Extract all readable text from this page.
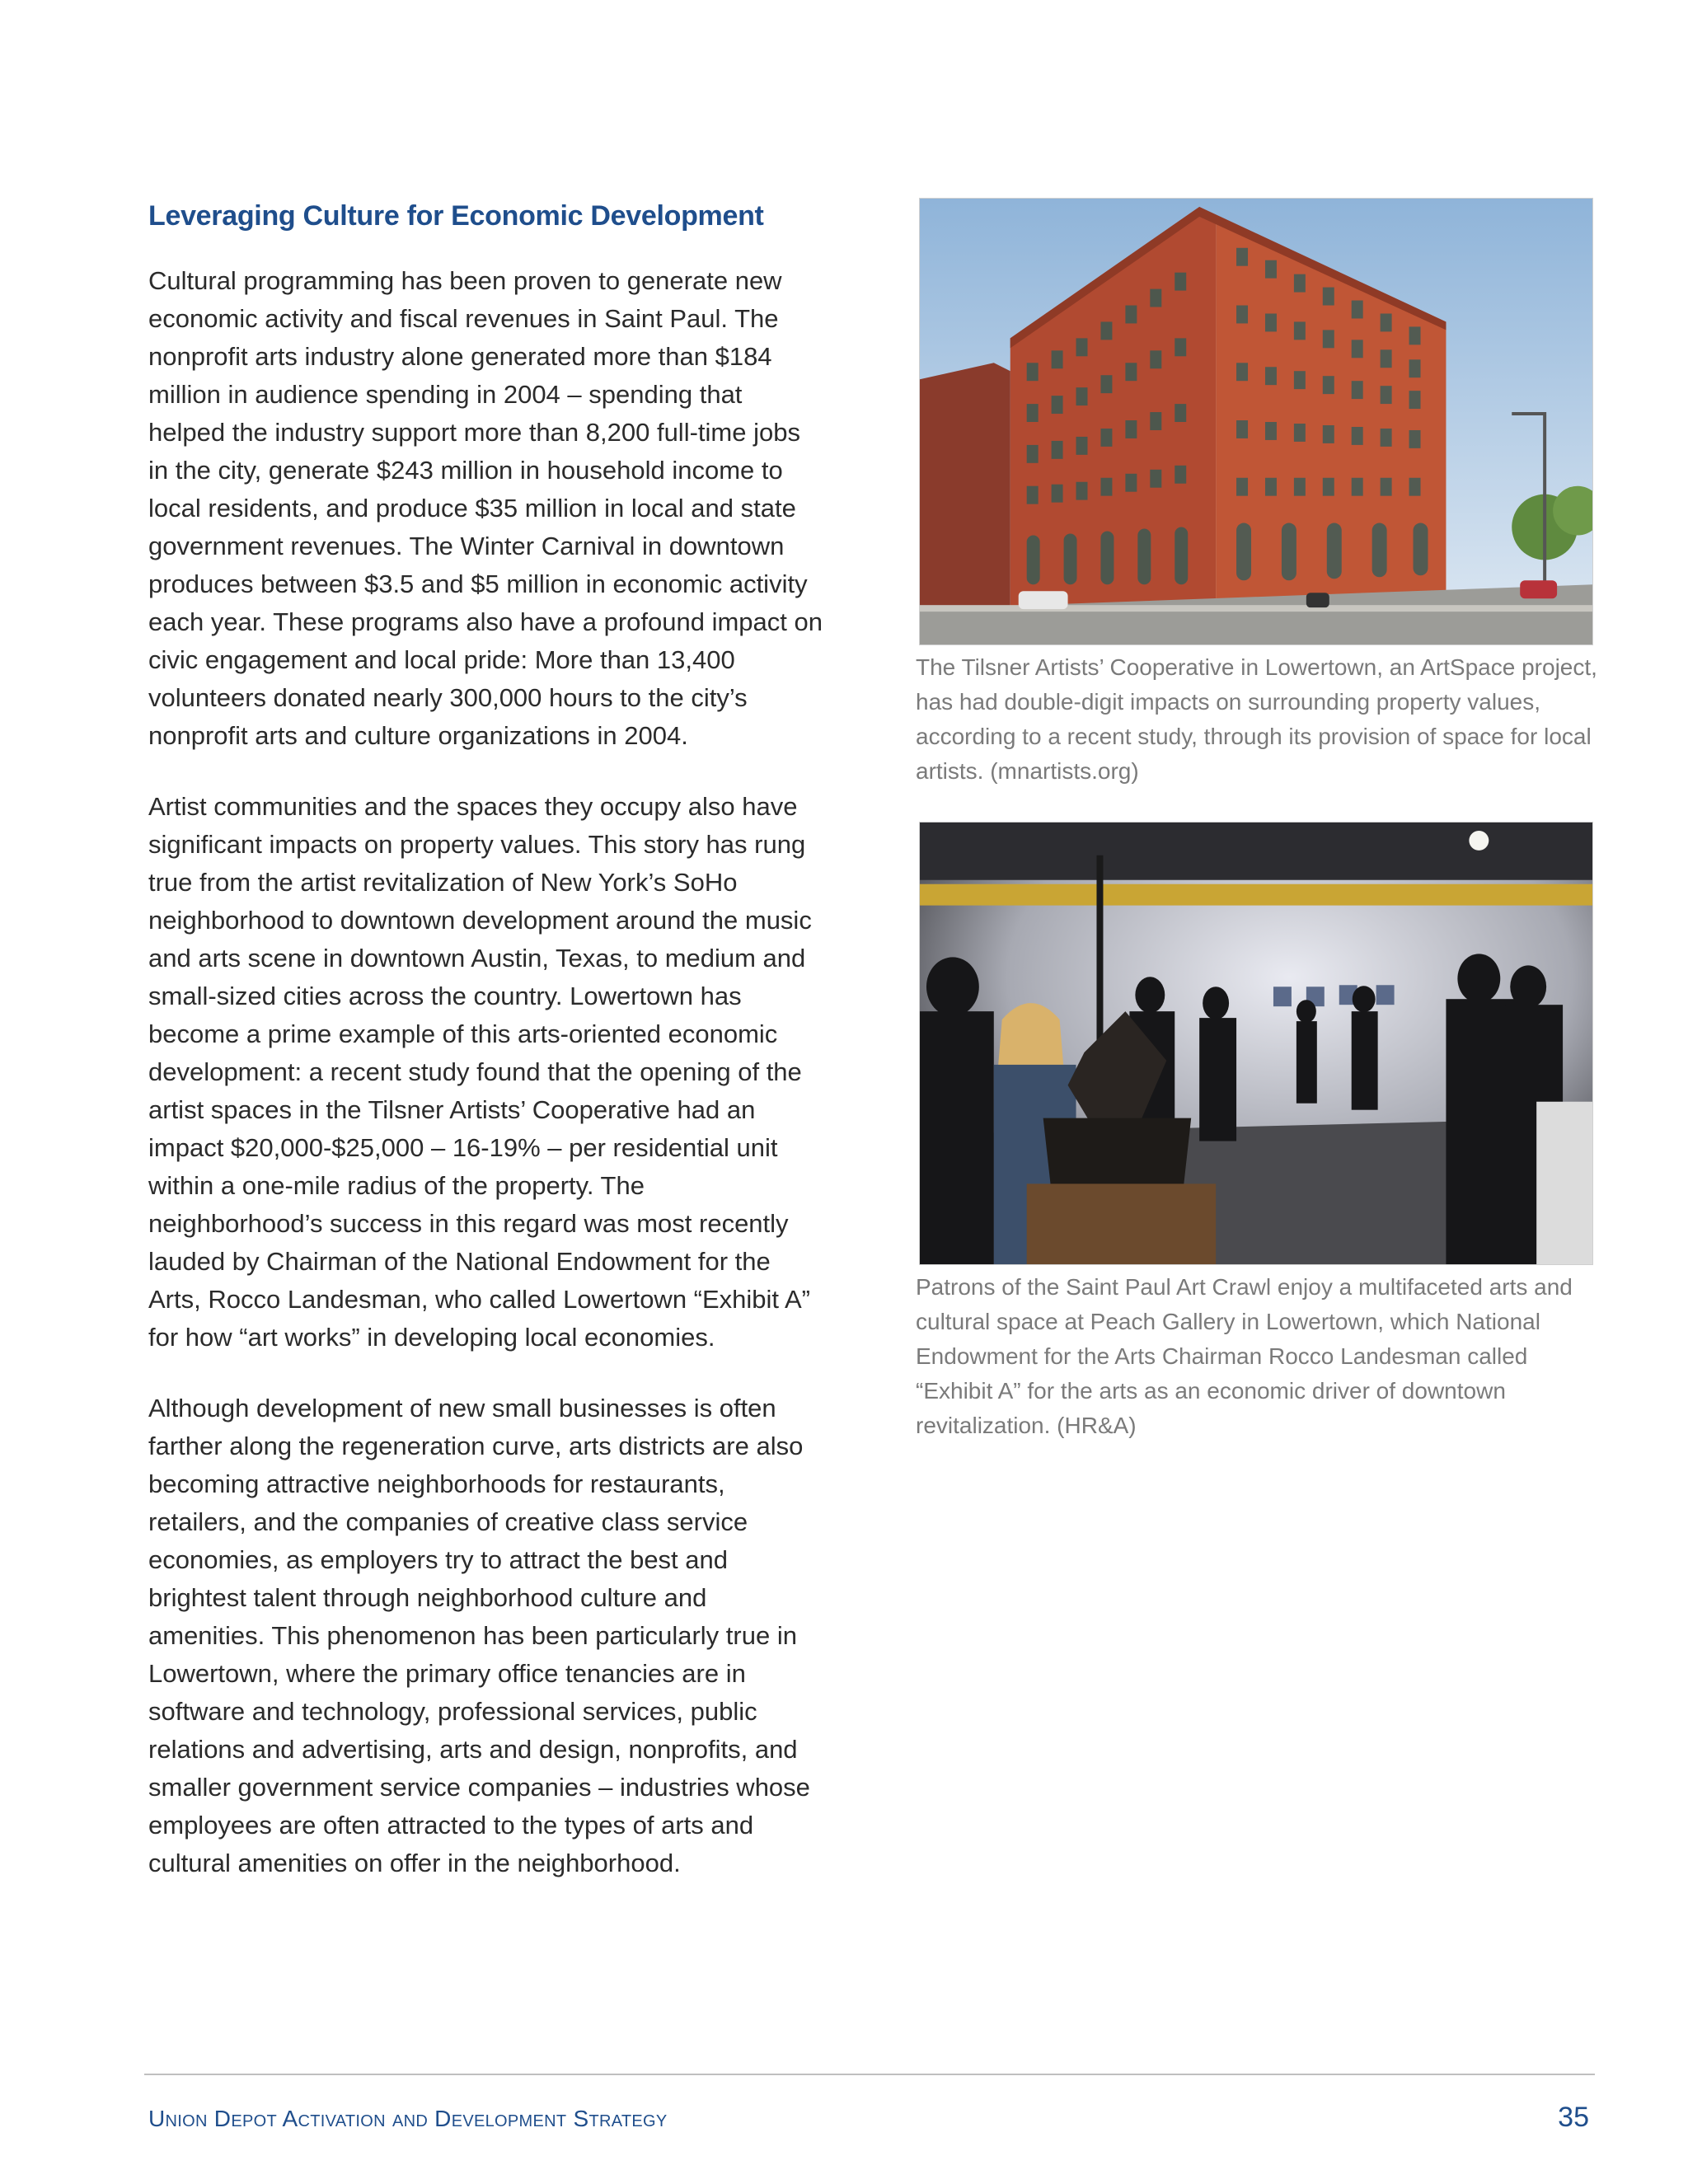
Leveraging Culture for Economic Development

Cultural programming has been proven to generate new economic activity and fiscal revenues in Saint Paul. The nonprofit arts industry alone generated more than $184 million in audience spending in 2004 – spending that helped the industry support more than 8,200 full-time jobs in the city, generate $243 million in household income to local residents, and produce $35 million in local and state government revenues. The Winter Carnival in downtown produces between $3.5 and $5 million in economic activity each year. These programs also have a profound impact on civic engagement and local pride: More than 13,400 volunteers donated nearly 300,000 hours to the city’s nonprofit arts and culture organizations in 2004.

Artist communities and the spaces they occupy also have significant impacts on property values. This story has rung true from the artist revitalization of New York’s SoHo neighborhood to downtown development around the music and arts scene in downtown Austin, Texas, to medium and small-sized cities across the country. Lowertown has become a prime example of this arts-oriented economic development: a recent study found that the opening of the artist spaces in the Tilsner Artists’ Cooperative had an impact $20,000-$25,000 – 16-19% – per residential unit within a one-mile radius of the property. The neighborhood’s success in this regard was most recently lauded by Chairman of the National Endowment for the Arts, Rocco Landesman, who called Lowertown “Exhibit A” for how “art works” in developing local economies.

Although development of new small businesses is often farther along the regeneration curve, arts districts are also becoming attractive neighborhoods for restaurants, retailers, and the companies of creative class service economies, as employers try to attract the best and brightest talent through neighborhood culture and amenities. This phenomenon has been particularly true in Lowertown, where the primary office tenancies are in software and technology, professional services, public relations and advertising, arts and design, nonprofits, and smaller government service companies – industries whose employees are often attracted to the types of arts and cultural amenities on offer in the neighborhood.

The Tilsner Artists’ Cooperative in Lowertown, an ArtSpace project, has had double-digit impacts on surrounding property values, according to a recent study, through its provision of space for local artists. (mnartists.org)
Patrons of the Saint Paul Art Crawl enjoy a multifaceted arts and cultural space at Peach Gallery in Lowertown, which National Endowment for the Arts Chairman Rocco Landesman called “Exhibit A” for the arts as an economic driver of downtown revitalization. (HR&A)
Union Depot Activation and Development Strategy	35
